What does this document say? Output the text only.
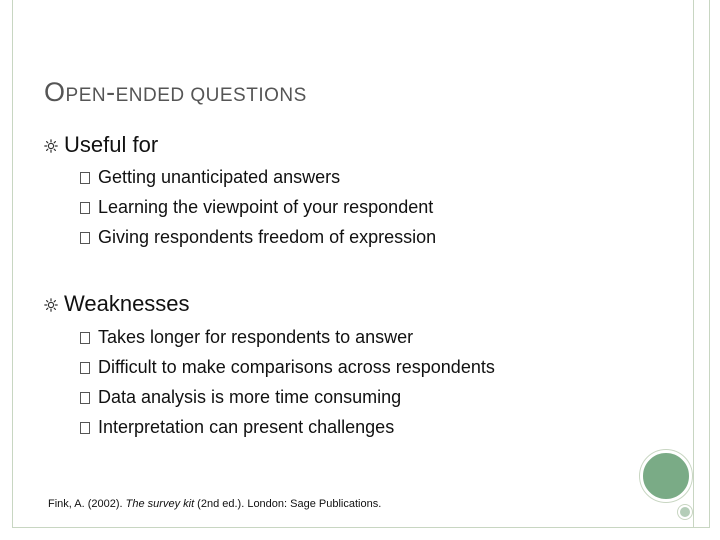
OPEN-ENDED QUESTIONS
Useful for
Getting unanticipated answers
Learning the viewpoint of your respondent
Giving respondents freedom of expression
Weaknesses
Takes longer for respondents to answer
Difficult to make comparisons across respondents
Data analysis is more time consuming
Interpretation can present challenges
Fink, A. (2002). The survey kit (2nd ed.). London: Sage Publications.
